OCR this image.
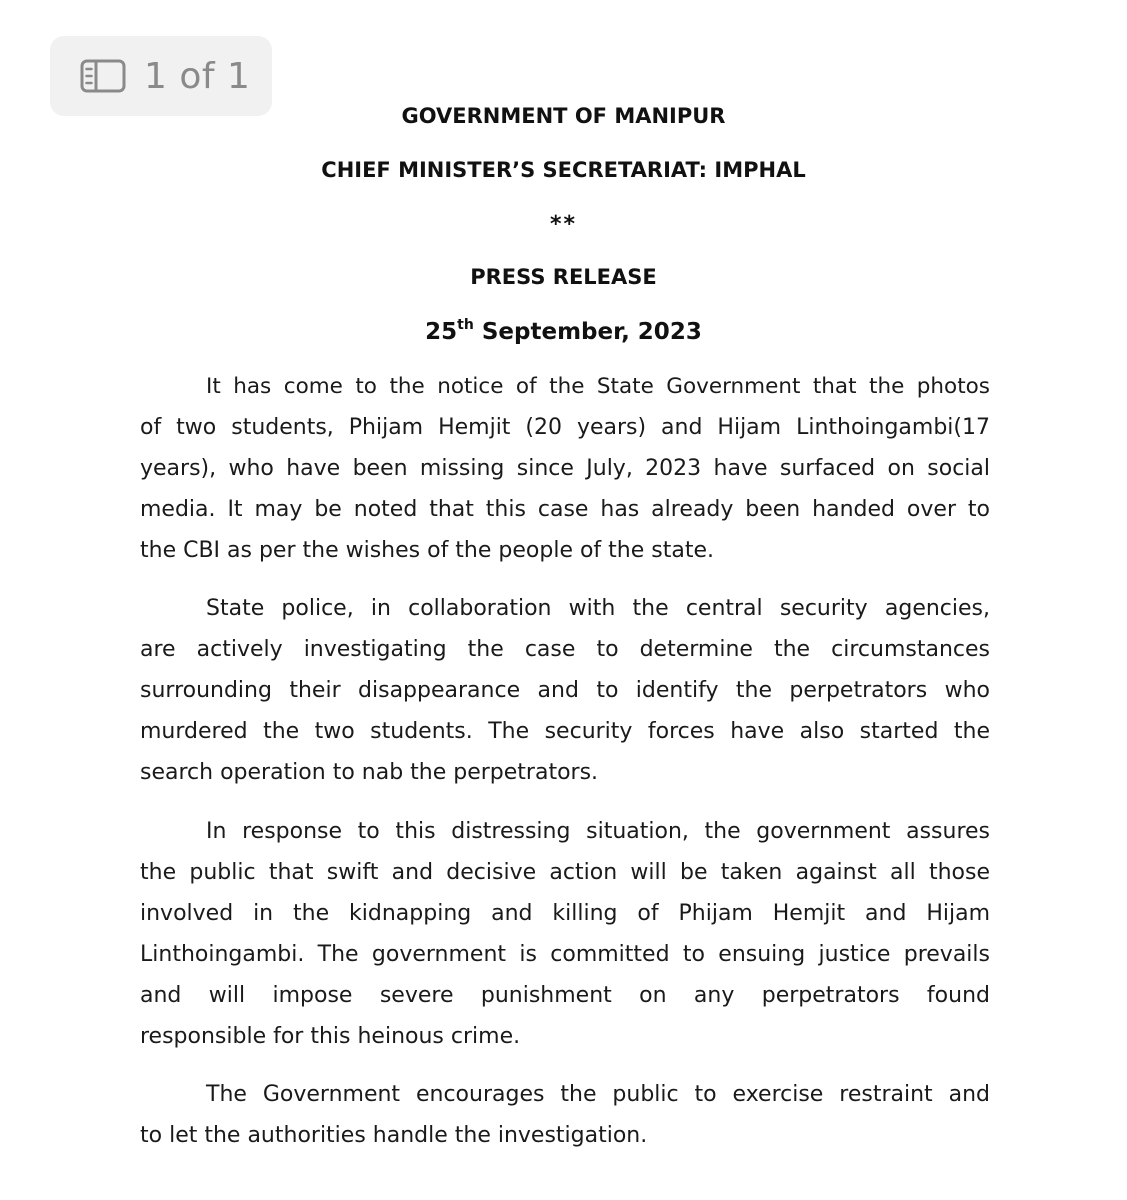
1 of 1
GOVERNMENT OF MANIPUR
CHIEF MINISTER’S SECRETARIAT: IMPHAL
**
PRESS RELEASE
25th September, 2023
It has come to the notice of the State Government that the photos
of two students, Phijam Hemjit (20 years) and Hijam Linthoingambi(17
years), who have been missing since July, 2023 have surfaced on social
media. It may be noted that this case has already been handed over to
the CBI as per the wishes of the people of the state.
State police, in collaboration with the central security agencies,
are actively investigating the case to determine the circumstances
surrounding their disappearance and to identify the perpetrators who
murdered the two students. The security forces have also started the
search operation to nab the perpetrators.
In response to this distressing situation, the government assures
the public that swift and decisive action will be taken against all those
involved in the kidnapping and killing of Phijam Hemjit and Hijam
Linthoingambi. The government is committed to ensuing justice prevails
and will impose severe punishment on any perpetrators found
responsible for this heinous crime.
The Government encourages the public to exercise restraint and
to let the authorities handle the investigation.
